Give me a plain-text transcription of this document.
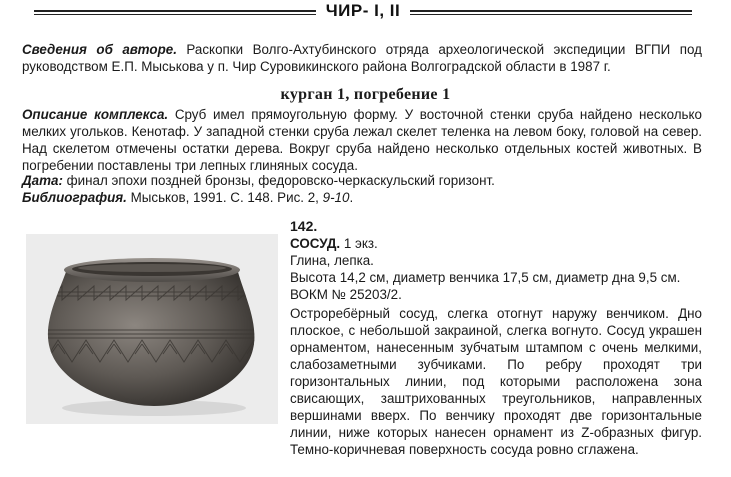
ЧИР- I, II
Сведения об авторе. Раскопки Волго-Ахтубинского отряда археологической экспедиции ВГПИ под руководством Е.П. Мыськова у п. Чир Суровикинского района Волгоградской области в 1987 г.
курган 1, погребение 1
Описание комплекса. Сруб имел прямоугольную форму. У восточной стенки сруба найдено несколько мелких угольков. Кенотаф. У западной стенки сруба лежал скелет теленка на левом боку, головой на север. Над скелетом отмечены остатки дерева. Вокруг сруба найдено несколько отдельных костей животных. В погребении поставлены три лепных глиняных сосуда.
Дата: финал эпохи поздней бронзы, федоровско-черкаскульский горизонт.
Библиография. Мыськов, 1991. С. 148. Рис. 2, 9-10.
142.
СОСУД. 1 экз.
Глина, лепка.
Высота 14,2 см, диаметр венчика 17,5 см, диаметр дна 9,5 см.
ВОКМ № 25203/2.
Остроребёрный сосуд, слегка отогнут наружу венчиком. Дно плоское, с небольшой закраиной, слегка вогнуто. Сосуд украшен орнаментом, нанесенным зубчатым штампом с очень мелкими, слабозаметными зубчиками. По ребру проходят три горизонтальных линии, под которыми расположена зона свисающих, заштрихованных треугольников, направленных вершинами вверх. По венчику проходят две горизонтальные линии, ниже которых нанесен орнамент из Z-образных фигур. Темно-коричневая поверхность сосуда ровно сглажена.
